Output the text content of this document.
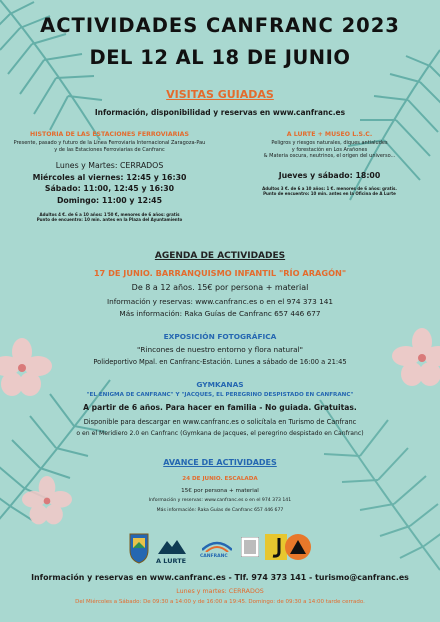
ACTIVIDADES CANFRANC 2023
DEL 12 AL 18 DE JUNIO
VISITAS GUIADAS
Información, disponibilidad y reservas en www.canfranc.es
HISTORIA DE LAS ESTACIONES FERROVIARIAS
Presente, pasado y futuro de la Línea Ferroviaria Internacional Zaragoza-Pau
y de las Estaciones Ferroviarias de Canfranc
Lunes y Martes: CERRADOS
Miércoles al viernes: 12:45 y 16:30
Sábado: 11:00, 12:45 y 16:30
Domingo: 11:00 y 12:45
Adultos 4 €. de 6 a 10 años: 1'50 €, menores de 6 años: gratis
Punto de encuentro: 10 min. antes en la Plaza del Ayuntamiento
A LURTE + MUSEO L.S.C.
Peligros y riesgos naturales, diques antialudes
y forestación en Los Arañones
& Materia oscura, neutrinos, el origen del universo...
Jueves y sábado: 18:00
Adultos 3 €. de 6 a 10 años: 1 €. menores de 6 años: gratis.
Punto de encuentro: 10 min. antes en la Oficina de A Lurte
AGENDA DE ACTIVIDADES
17 DE JUNIO. BARRANQUISMO INFANTIL "RÍO ARAGÓN"
De 8 a 12 años. 15€ por persona + material
Información y reservas: www.canfranc.es o en el 974 373 141
Más información: Raka Guías de Canfranc 657 446 677
EXPOSICIÓN FOTOGRÁFICA
"Rincones de nuestro entorno y flora natural"
Polideportivo Mpal. en Canfranc-Estación. Lunes a sábado de 16:00 a 21:45
GYMKANAS
"EL ENIGMA DE CANFRANC" Y "JACQUES, EL PEREGRINO DESPISTADO EN CANFRANC"
A partir de 6 años. Para hacer en familia - No guiada. Gratuitas.
Disponible para descargar en www.canfranc.es o solicítala en Turismo de Canfranc
o en el Meridiero 2.0 en Canfranc (Gymkana de Jacques, el peregrino despistado en Canfranc)
AVANCE DE ACTIVIDADES
24 DE JUNIO. ESCALADA
15€ por persona + material
Información y reservas: www.canfranc.es o en el 974 373 141
Más información: Raka Guías de Canfranc 657 446 677
A LURTE
CANFRANC
Información y reservas en www.canfranc.es - Tlf. 974 373 141 - turismo@canfranc.es
Lunes y martes: CERRADOS
Del Miércoles a Sábado: De 09:30 a 14:00 y de 16:00 a 19:45. Domingo: de 09:30 a 14:00 tarde cerrado.
